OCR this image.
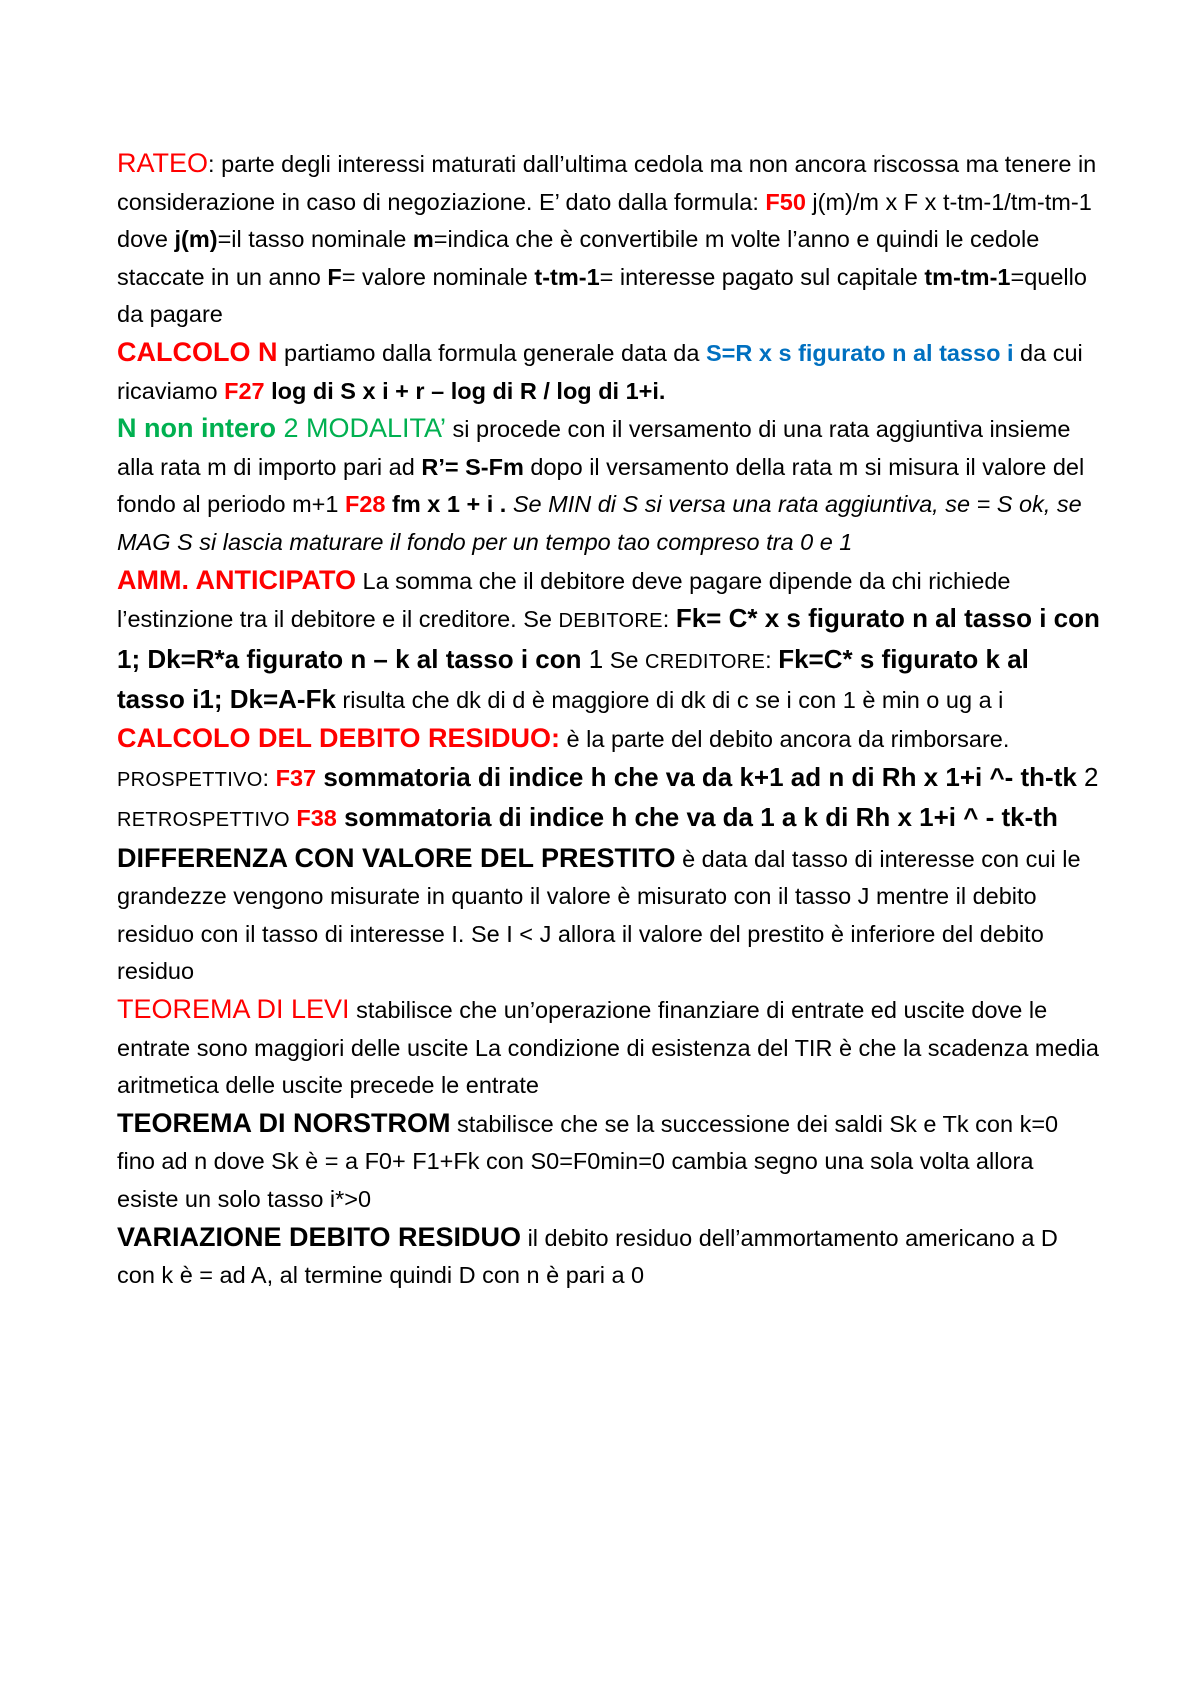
RATEO: parte degli interessi maturati dall’ultima cedola ma non ancora riscossa ma tenere in considerazione in caso di negoziazione. E’ dato dalla formula: F50 j(m)/m x F x t-tm-1/tm-tm-1 dove j(m)=il tasso nominale m=indica che è convertibile m volte l’anno e quindi le cedole staccate in un anno F= valore nominale t-tm-1= interesse pagato sul capitale tm-tm-1=quello da pagare

CALCOLO N partiamo dalla formula generale data da S=R x s figurato n al tasso i da cui ricaviamo F27 log di S x i + r – log di R / log di 1+i.

N non intero 2 MODALITA’ si procede con il versamento di una rata aggiuntiva insieme alla rata m di importo pari ad R’= S-Fm dopo il versamento della rata m si misura il valore del fondo al periodo m+1 F28 fm x 1 + i . Se MIN di S si versa una rata aggiuntiva, se = S ok, se MAG S si lascia maturare il fondo per un tempo tao compreso tra 0 e 1

AMM. ANTICIPATO La somma che il debitore deve pagare dipende da chi richiede l’estinzione tra il debitore e il creditore. Se DEBITORE: Fk= C* x s figurato n al tasso i con 1; Dk=R*a figurato n – k al tasso i con 1 Se CREDITORE: Fk=C* s figurato k al tasso i1; Dk=A-Fk risulta che dk di d è maggiore di dk di c se i con 1 è min o ug a i

CALCOLO DEL DEBITO RESIDUO: è la parte del debito ancora da rimborsare. PROSPETTIVO: F37 sommatoria di indice h che va da k+1 ad n di Rh x 1+i ^- th-tk 2 RETROSPETTIVO F38 sommatoria di indice h che va da 1 a k di Rh x 1+i ^ - tk-th

DIFFERENZA CON VALORE DEL PRESTITO è data dal tasso di interesse con cui le grandezze vengono misurate in quanto il valore è misurato con il tasso J mentre il debito residuo con il tasso di interesse I. Se I < J allora il valore del prestito è inferiore del debito residuo

TEOREMA DI LEVI stabilisce che un’operazione finanziare di entrate ed uscite dove le entrate sono maggiori delle uscite La condizione di esistenza del TIR è che la scadenza media aritmetica delle uscite precede le entrate

TEOREMA DI NORSTROM stabilisce che se la successione dei saldi Sk e Tk con k=0 fino ad n dove Sk è = a F0+ F1+Fk con S0=F0min=0 cambia segno una sola volta allora esiste un solo tasso i*>0

VARIAZIONE DEBITO RESIDUO il debito residuo dell’ammortamento americano a D con k è = ad A, al termine quindi D con n è pari a 0
